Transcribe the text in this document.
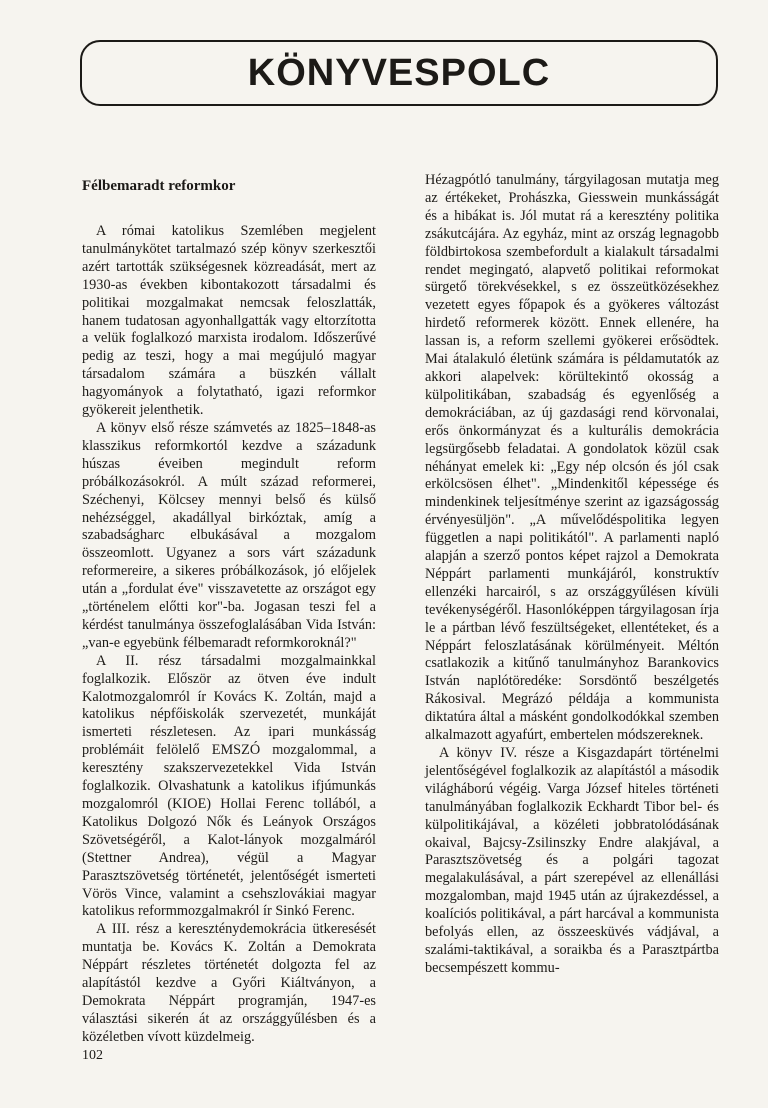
KÖNYVESPOLC
Félbemaradt reformkor

A római katolikus Szemlében megjelent tanulmánykötet tartalmazó szép könyv szerkesztői azért tartották szükségesnek közreadását, mert az 1930-as években kibontakozott társadalmi és politikai mozgalmakat nemcsak feloszlatták, hanem tudatosan agyonhallgatták vagy eltorzította a velük foglalkozó marxista irodalom. Időszerűvé pedig az teszi, hogy a mai megújuló magyar társadalom számára a büszkén vállalt hagyományok a folytatható, igazi reformkor gyökereit jelenthetik.

A könyv első része számvetés az 1825–1848-as klasszikus reformkortól kezdve a századunk húszas éveiben megindult reform próbálkozásokról. A múlt század reformerei, Széchenyi, Kölcsey mennyi belső és külső nehézséggel, akadállyal birkóztak, amíg a szabadságharc elbukásával a mozgalom összeomlott. Ugyanez a sors várt századunk reformereire, a sikeres próbálkozások, jó előjelek után a „fordulat éve" visszavetette az országot egy „történelem előtti kor"-ba. Jogasan teszi fel a kérdést tanulmánya összefoglalásában Vida István: „van-e egyebünk félbemaradt reformkoroknál?"

A II. rész társadalmi mozgalmainkkal foglalkozik. Először az ötven éve indult Kalotmozgalomról ír Kovács K. Zoltán, majd a katolikus népfőiskolák szervezetét, munkáját ismerteti részletesen. Az ipari munkásság problémáit felölelő EMSZÓ mozgalommal, a keresztény szakszervezetekkel Vida István foglalkozik. Olvashatunk a katolikus ifjúmunkás mozgalomról (KIOE) Hollai Ferenc tollából, a Katolikus Dolgozó Nők és Leányok Országos Szövetségéről, a Kalot-lányok mozgalmáról (Stettner Andrea), végül a Magyar Parasztszövetség történetét, jelentőségét ismerteti Vörös Vince, valamint a csehszlovákiai magyar katolikus reformmozgalmakról ír Sinkó Ferenc.

A III. rész a kereszténydemokrácia ütkeresését muntatja be. Kovács K. Zoltán a Demokrata Néppárt részletes történetét dolgozta fel az alapítástól kezdve a Győri Kiáltványon, a Demokrata Néppárt programján, 1947-es választási sikerén át az országgyűlésben és a közéletben vívott küzdelmeig.

Hézagpótló tanulmány, tárgyilagosan mutatja meg az értékeket, Prohászka, Giesswein munkásságát és a hibákat is. Jól mutat rá a keresztény politika zsákutcájára. Az egyház, mint az ország legnagobb földbirtokosa szembefordult a kialakult társadalmi rendet megingató, alapvető politikai reformokat sürgető törekvésekkel, s ez összeütközésekhez vezetett egyes főpapok és a gyökeres változást hirdető reformerek között. Ennek ellenére, ha lassan is, a reform szellemi gyökerei erősödtek. Mai átalakuló életünk számára is példamutatók az akkori alapelvek: körültekintő okosság a külpolitikában, szabadság és egyenlőség a demokráciában, az új gazdasági rend körvonalai, erős önkormányzat és a kulturális demokrácia legsürgősebb feladatai. A gondolatok közül csak néhányat emelek ki: „Egy nép olcsón és jól csak erkölcsösen élhet". „Mindenkitől képessége és mindenkinek teljesítménye szerint az igazságosság érvényesüljön". „A művelődéspolitika legyen független a napi politikától". A parlamenti napló alapján a szerző pontos képet rajzol a Demokrata Néppárt parlamenti munkájáról, konstruktív ellenzéki harcairól, s az országgyűlésen kívüli tevékenységéről. Hasonlóképpen tárgyilagosan írja le a pártban lévő feszültségeket, ellentéteket, és a Néppárt feloszlatásának körülményeit. Méltón csatlakozik a kitűnő tanulmányhoz Barankovics István naplótöredéke: Sorsdöntő beszélgetés Rákosival. Megrázó példája a kommunista diktatúra által a másként gondolkodókkal szemben alkalmazott agyafúrt, embertelen módszereknek.

A könyv IV. része a Kisgazdapárt történelmi jelentőségével foglalkozik az alapítástól a második világháború végéig. Varga József hiteles történeti tanulmányában foglalkozik Eckhardt Tibor bel- és külpolitikájával, a közéleti jobbratolódásának okaival, Bajcsy-Zsilinszky Endre alakjával, a Parasztszövetség és a polgári tagozat megalakulásával, a párt szerepével az ellenállási mozgalomban, majd 1945 után az újrakezdéssel, a koalíciós politikával, a párt harcával a kommunista befolyás ellen, az összeesküvés vádjával, a szalámi-taktikával, a soraikba és a Parasztpártba becsempészett kommu-

102
